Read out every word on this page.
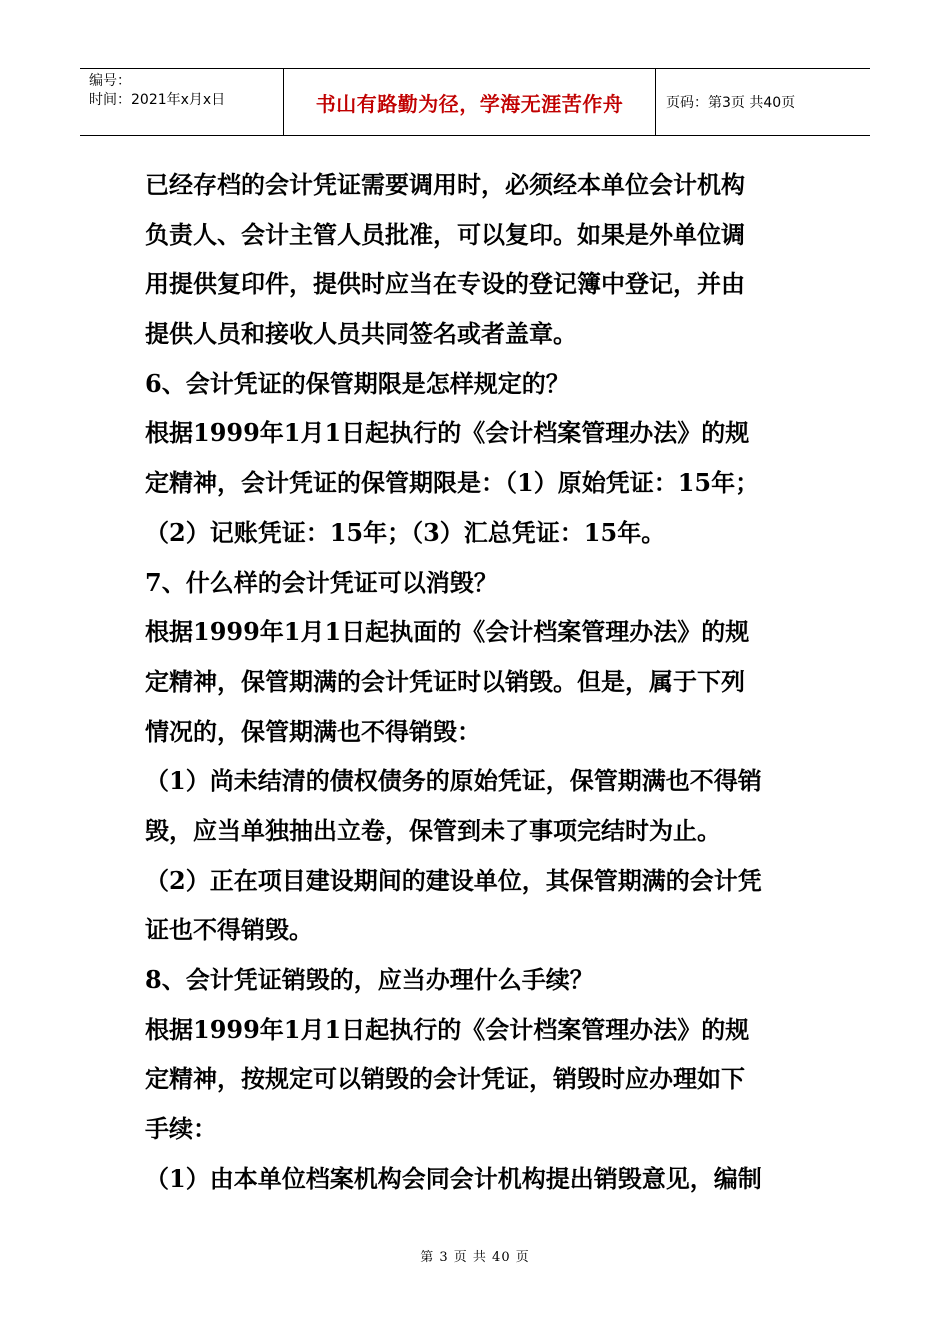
编号：
时间：2021年x月x日	书山有路勤为径，学海无涯苦作舟	页码：第3页 共40页
已经存档的会计凭证需要调用时，必须经本单位会计机构
负责人、会计主管人员批准，可以复印。如果是外单位调
用提供复印件，提供时应当在专设的登记簿中登记，并由
提供人员和接收人员共同签名或者盖章。
6、会计凭证的保管期限是怎样规定的？
根据1999年1月1日起执行的《会计档案管理办法》的规
定精神，会计凭证的保管期限是：（1）原始凭证：15年；
（2）记账凭证：15年；（3）汇总凭证：15年。
7、什么样的会计凭证可以消毁？
根据1999年1月1日起执面的《会计档案管理办法》的规
定精神，保管期满的会计凭证时以销毁。但是，属于下列
情况的，保管期满也不得销毁：
（1）尚未结清的债权债务的原始凭证，保管期满也不得销
毁，应当单独抽出立卷，保管到未了事项完结时为止。
（2）正在项目建设期间的建设单位，其保管期满的会计凭
证也不得销毁。
8、会计凭证销毁的，应当办理什么手续？
根据1999年1月1日起执行的《会计档案管理办法》的规
定精神，按规定可以销毁的会计凭证，销毁时应办理如下
手续：
（1）由本单位档案机构会同会计机构提出销毁意见，编制
第 3 页 共 40 页
